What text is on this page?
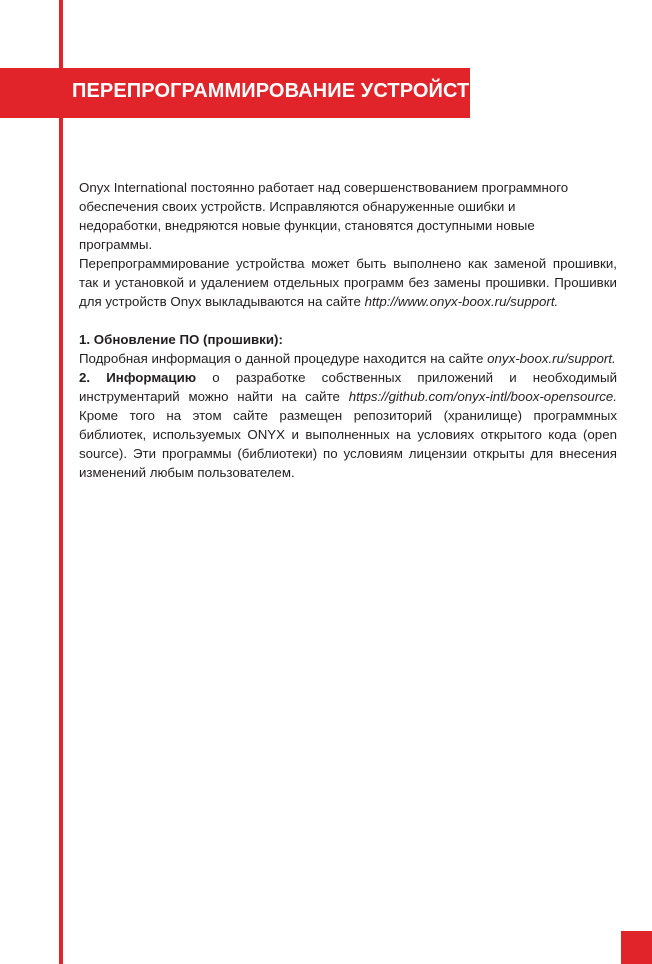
ПЕРЕПРОГРАММИРОВАНИЕ УСТРОЙСТВА

Onyx International постоянно работает над совершенствованием программного

обеспечения своих устройств. Исправляются обнаруженные ошибки и

недоработки, внедряются новые функции, становятся доступными новые

программы.

Перепрограммирование устройства может быть выполнено как заменой прошивки, так и установкой и удалением отдельных программ без замены прошивки. Прошивки для устройств Onyx выкладываются на сайте http://www.onyx-boox.ru/support.

1. Обновление ПО (прошивки):

Подробная информация о данной процедуре находится на сайте onyx-boox.ru/support.

2. Информацию о разработке собственных приложений и необходимый инструментарий можно найти на сайте https://github.com/onyx-intl/boox-opensource. Кроме того на этом сайте размещен репозиторий (хранилище) программных библиотек, используемых ONYX и выполненных на условиях открытого кода (open source). Эти программы (библиотеки) по условиям лицензии открыты для внесения изменений любым пользователем.
